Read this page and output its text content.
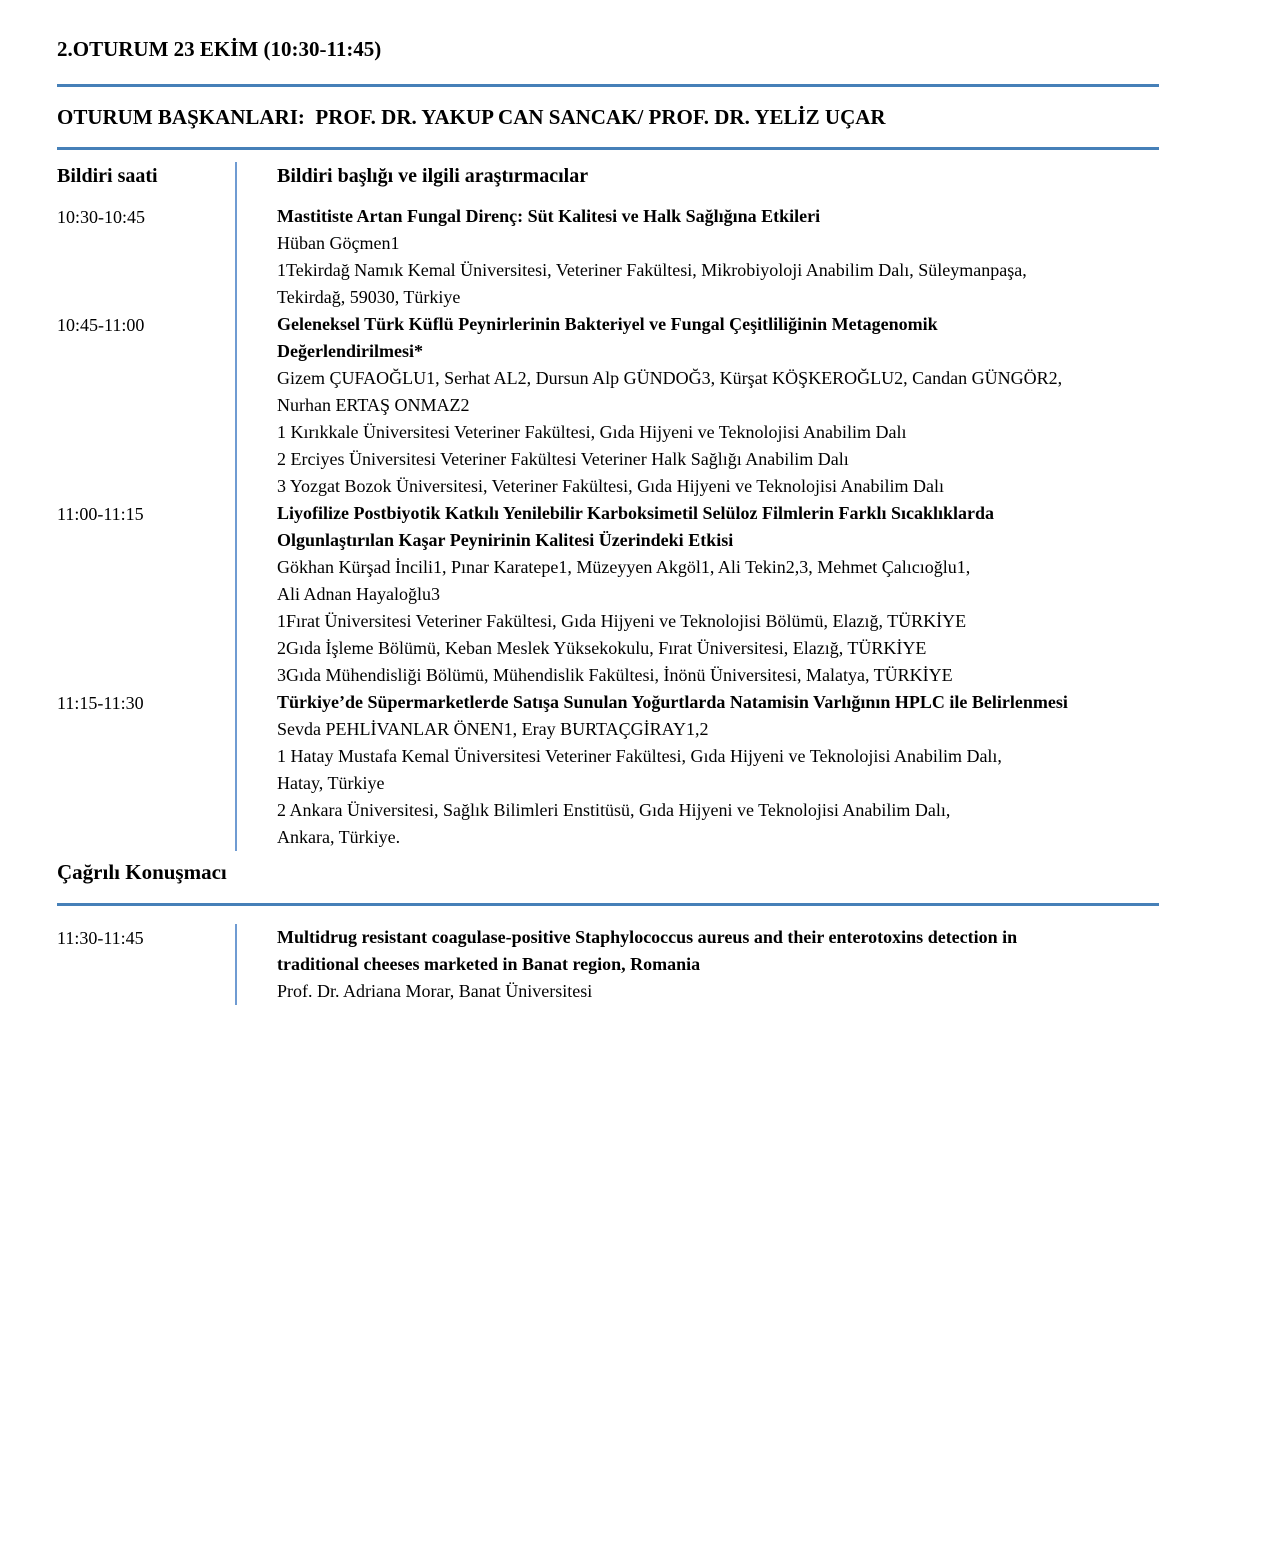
2.OTURUM 23 EKİM (10:30-11:45)
OTURUM BAŞKANLARI:  PROF. DR. YAKUP CAN SANCAK/ PROF. DR. YELİZ UÇAR
Bildiri saati	Bildiri başlığı ve ilgili araştırmacılar
10:30-10:45	Mastitiste Artan Fungal Direnç: Süt Kalitesi ve Halk Sağlığına Etkileri
Hüban Göçmen1
1Tekirdağ Namık Kemal Üniversitesi, Veteriner Fakültesi, Mikrobiyoloji Anabilim Dalı, Süleymanpaşa,
Tekirdağ, 59030, Türkiye
10:45-11:00	Geleneksel Türk Küflü Peynirlerinin Bakteriyel ve Fungal Çeşitliliğinin Metagenomik
Değerlendirilmesi*
Gizem ÇUFAOĞLU1, Serhat AL2, Dursun Alp GÜNDOĞ3, Kürşat KÖŞKEROĞLU2, Candan GÜNGÖR2,
Nurhan ERTAŞ ONMAZ2
1 Kırıkkale Üniversitesi Veteriner Fakültesi, Gıda Hijyeni ve Teknolojisi Anabilim Dalı
2 Erciyes Üniversitesi Veteriner Fakültesi Veteriner Halk Sağlığı Anabilim Dalı
3 Yozgat Bozok Üniversitesi, Veteriner Fakültesi, Gıda Hijyeni ve Teknolojisi Anabilim Dalı
11:00-11:15	Liyofilize Postbiyotik Katkılı Yenilebilir Karboksimetil Selüloz Filmlerin Farklı Sıcaklıklarda
Olgunlaştırılan Kaşar Peynirinin Kalitesi Üzerindeki Etkisi
Gökhan Kürşad İncili1, Pınar Karatepe1, Müzeyyen Akgöl1, Ali Tekin2,3, Mehmet Çalıcıoğlu1,
Ali Adnan Hayaloğlu3
1Fırat Üniversitesi Veteriner Fakültesi, Gıda Hijyeni ve Teknolojisi Bölümü, Elazığ, TÜRKİYE
2Gıda İşleme Bölümü, Keban Meslek Yüksekokulu, Fırat Üniversitesi, Elazığ, TÜRKİYE
3Gıda Mühendisliği Bölümü, Mühendislik Fakültesi, İnönü Üniversitesi, Malatya, TÜRKİYE
11:15-11:30	Türkiye’de Süpermarketlerde Satışa Sunulan Yoğurtlarda Natamisin Varlığının HPLC ile Belirlenmesi
Sevda PEHLİVANLAR ÖNEN1, Eray BURTAÇGİRAY1,2
1 Hatay Mustafa Kemal Üniversitesi Veteriner Fakültesi, Gıda Hijyeni ve Teknolojisi Anabilim Dalı,
Hatay, Türkiye
2 Ankara Üniversitesi, Sağlık Bilimleri Enstitüsü, Gıda Hijyeni ve Teknolojisi Anabilim Dalı,
Ankara, Türkiye.
Çağrılı Konuşmacı
11:30-11:45	Multidrug resistant coagulase-positive Staphylococcus aureus and their enterotoxins detection in
traditional cheeses marketed in Banat region, Romania
Prof. Dr. Adriana Morar, Banat Üniversitesi
